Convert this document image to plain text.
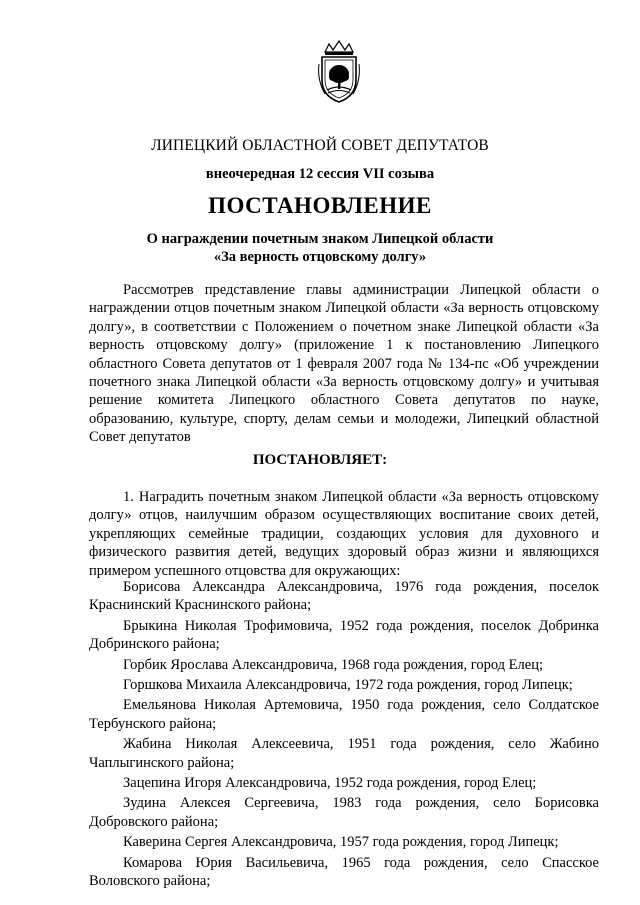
ЛИПЕЦКИЙ ОБЛАСТНОЙ СОВЕТ ДЕПУТАТОВ
внеочередная 12 сессия VII созыва
ПОСТАНОВЛЕНИЕ
О награждении почетным знаком Липецкой области
«За верность отцовскому долгу»

Рассмотрев представление главы администрации Липецкой области о награждении отцов почетным знаком Липецкой области «За верность отцовскому долгу», в соответствии с Положением о почетном знаке Липецкой области «За верность отцовскому долгу» (приложение 1 к постановлению Липецкого областного Совета депутатов от 1 февраля 2007 года № 134-пс «Об учреждении почетного знака Липецкой области «За верность отцовскому долгу» и учитывая решение комитета Липецкого областного Совета депутатов по науке, образованию, культуре, спорту, делам семьи и молодежи, Липецкий областной Совет депутатов

ПОСТАНОВЛЯЕТ:

1. Наградить почетным знаком Липецкой области «За верность отцовскому долгу» отцов, наилучшим образом осуществляющих воспитание своих детей, укрепляющих семейные традиции, создающих условия для духовного и физического развития детей, ведущих здоровый образ жизни и являющихся примером успешного отцовства для окружающих:

Борисова Александра Александровича, 1976 года рождения, поселок Краснинский Краснинского района;
Брыкина Николая Трофимовича, 1952 года рождения, поселок Добринка Добринского района;
Горбик Ярослава Александровича, 1968 года рождения, город Елец;
Горшкова Михаила Александровича, 1972 года рождения, город Липецк;
Емельянова Николая Артемовича, 1950 года рождения, село Солдатское Тербунского района;
Жабина Николая Алексеевича, 1951 года рождения, село Жабино Чаплыгинского района;
Зацепина Игоря Александровича, 1952 года рождения, город Елец;
Зудина Алексея Сергеевича, 1983 года рождения, село Борисовка Добровского района;
Каверина Сергея Александровича, 1957 года рождения, город Липецк;
Комарова Юрия Васильевича, 1965 года рождения, село Спасское Воловского района;
